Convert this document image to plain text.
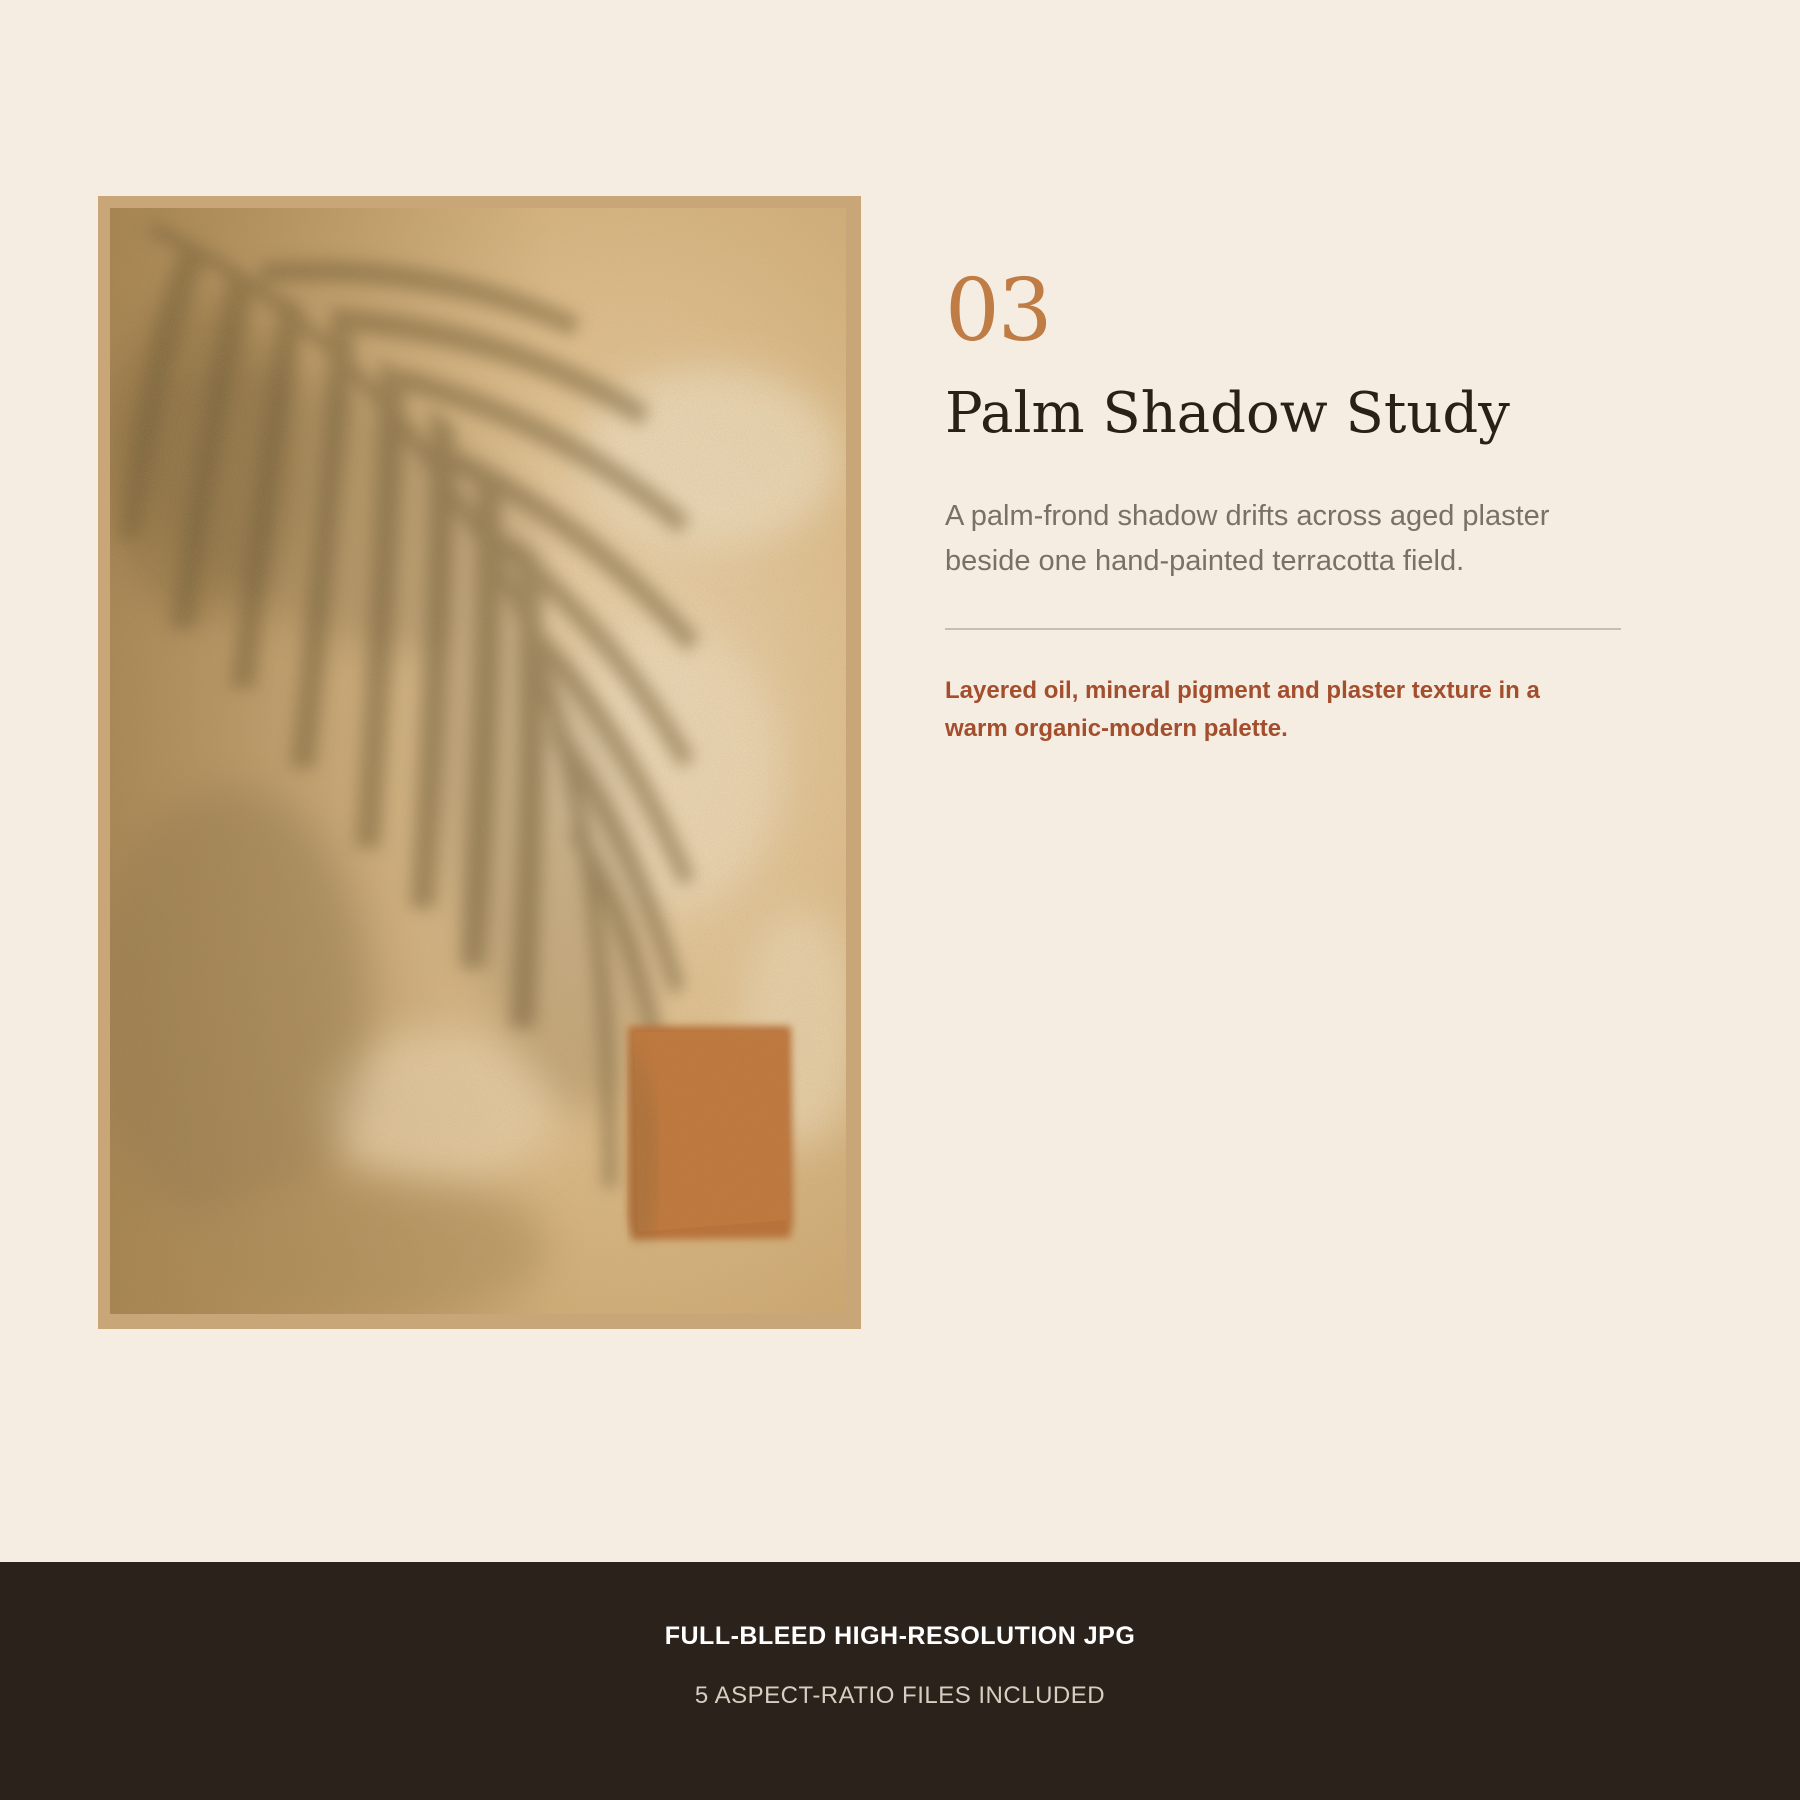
03
Palm Shadow Study

A palm-frond shadow drifts across aged plaster beside one hand-painted terracotta field.

Layered oil, mineral pigment and plaster texture in a warm organic-modern palette.

FULL-BLEED HIGH-RESOLUTION JPG
5 ASPECT-RATIO FILES INCLUDED
